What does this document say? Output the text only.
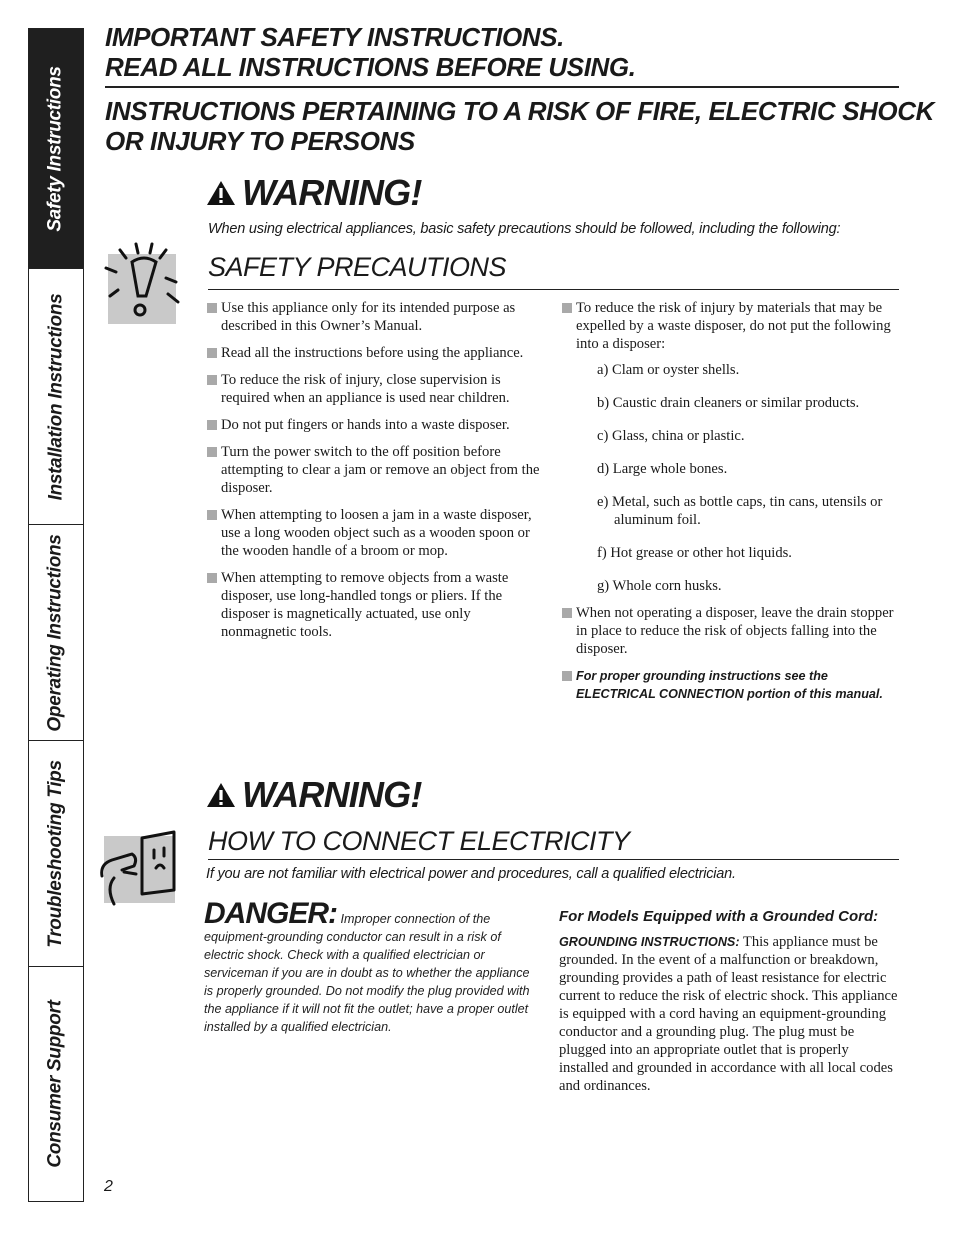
Safety Instructions
Installation Instructions
Operating Instructions
Troubleshooting Tips
Consumer Support
IMPORTANT SAFETY INSTRUCTIONS.
READ ALL INSTRUCTIONS BEFORE USING.
INSTRUCTIONS PERTAINING TO A RISK OF FIRE, ELECTRIC SHOCK
OR INJURY TO PERSONS
WARNING!
When using electrical appliances, basic safety precautions should be followed, including the following:
SAFETY PRECAUTIONS
Use this appliance only for its intended purpose as described in this Owner’s Manual.
Read all the instructions before using the appliance.
To reduce the risk of injury, close supervision is required when an appliance is used near children.
Do not put fingers or hands into a waste disposer.
Turn the power switch to the off position before attempting to clear a jam or remove an object from the disposer.
When attempting to loosen a jam in a waste disposer, use a long wooden object such as a wooden spoon or the wooden handle of a broom or mop.
When attempting to remove objects from a waste disposer, use long-handled tongs or pliers. If the disposer is magnetically actuated, use only nonmagnetic tools.
To reduce the risk of injury by materials that may be expelled by a waste disposer, do not put the following into a disposer:
a) Clam or oyster shells.
b) Caustic drain cleaners or similar products.
c) Glass, china or plastic.
d) Large whole bones.
e) Metal, such as bottle caps, tin cans, utensils or aluminum foil.
f) Hot grease or other hot liquids.
g) Whole corn husks.
When not operating a disposer, leave the drain stopper in place to reduce the risk of objects falling into the disposer.
For proper grounding instructions see the ELECTRICAL CONNECTION portion of this manual.
WARNING!
HOW TO CONNECT ELECTRICITY
If you are not familiar with electrical power and procedures, call a qualified electrician.
DANGER: Improper connection of the equipment-grounding conductor can result in a risk of electric shock. Check with a qualified electrician or serviceman if you are in doubt as to whether the appliance is properly grounded. Do not modify the plug provided with the appliance if it will not fit the outlet; have a proper outlet installed by a qualified electrician.
For Models Equipped with a Grounded Cord:
GROUNDING INSTRUCTIONS: This appliance must be grounded. In the event of a malfunction or breakdown, grounding provides a path of least resistance for electric current to reduce the risk of electric shock. This appliance is equipped with a cord having an equipment-grounding conductor and a grounding plug. The plug must be plugged into an appropriate outlet that is properly installed and grounded in accordance with all local codes and ordinances.
2
